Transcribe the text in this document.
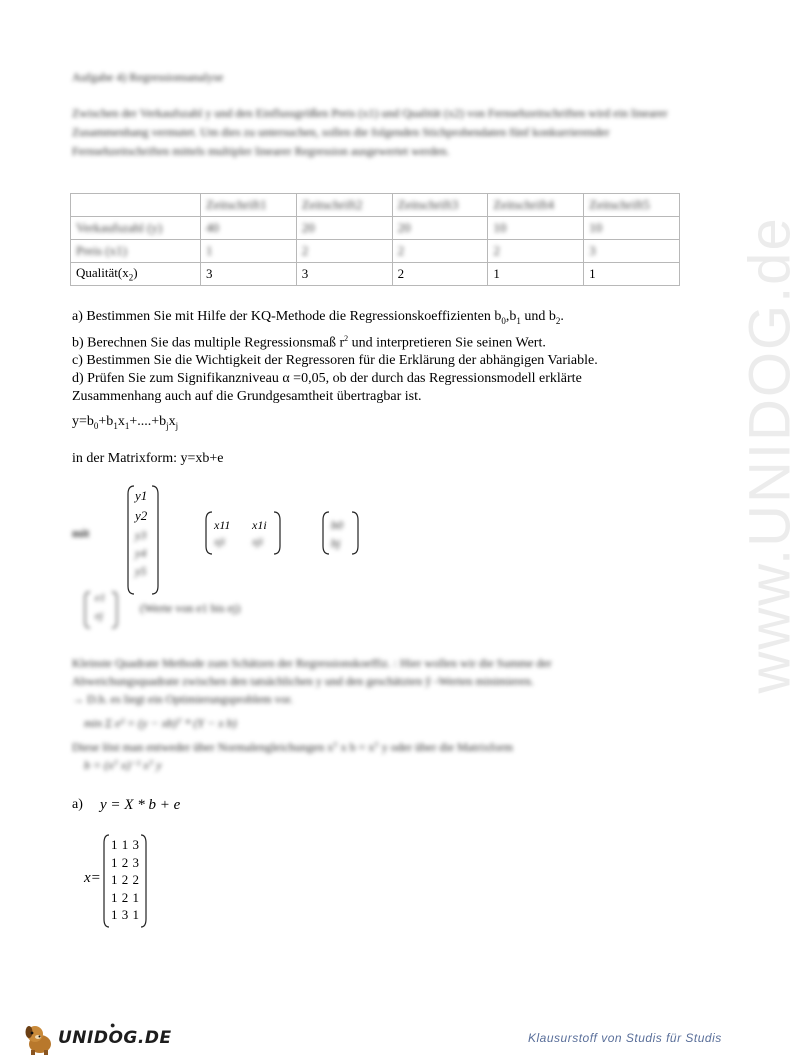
Aufgabe 4) Regressionsanalyse
Zwischen der Verkaufszahl y und den Einflussgrößen Preis (x1) und Qualität (x2) von Fernsehzeitschriften wird ein linearer Zusammenhang vermutet. Um dies zu untersuchen, sollen die folgenden Stichprobendaten fünf konkurrierender Fernsehzeitschriften mittels multipler linearer Regression ausgewertet werden.
	Zeitschrift1	Zeitschrift2	Zeitschrift3	Zeitschrift4	Zeitschrift5
Verkaufszahl (y)	40	20	20	10	10
Preis (x1)	1	2	2	2	3
$Qualität(x_2)$	3	3	2	1	1
a) Bestimmen Sie mit Hilfe der KQ-Methode die Regressionskoeffizienten $b_0,b_1$ und $b_2$.
b) Berechnen Sie das multiple Regressionsmaß $r^2$ und interpretieren Sie seinen Wert.
c) Bestimmen Sie die Wichtigkeit der Regressoren für die Erklärung der abhängigen Variable.
d) Prüfen Sie zum Signifikanzniveau α =0,05, ob der durch das Regressionsmodell erklärte
Zusammenhang auch auf die Grundgesamtheit übertragbar ist.
$y=b_0+b_1x_1+....+b_jx_j$
in der Matrixform: y=xb+e
mit
y1
y2
y3
y4
y5
x11 x1i
xji xji
b0
bj
e1
ej
(Werte von e1 bis ej)
Kleinste Quadrate Methode zum Schätzen der Regressionskoeffiz. : Hier wollen wir die Summe der
Abweichungsquadrate zwischen den tatsächlichen y und den geschätzten ŷ -Werten minimieren.
→ D.h. es liegt ein Optimierungsproblem vor.
min Σ e² = (y − xb)ᵀ * (Y − x b)
Diese löst man entweder über Normalengleichungen xᵀ x b = xᵀ y oder über die Matrixform
b = (xᵀ x)⁻¹ xᵀ y
a) y = X * b + e
x=
1 1 3
1 2 3
1 2 2
1 2 1
1 3 1
www.UNIDOG.de
UNIDOG.DE
●
Klausurstoff von Studis für Studis
